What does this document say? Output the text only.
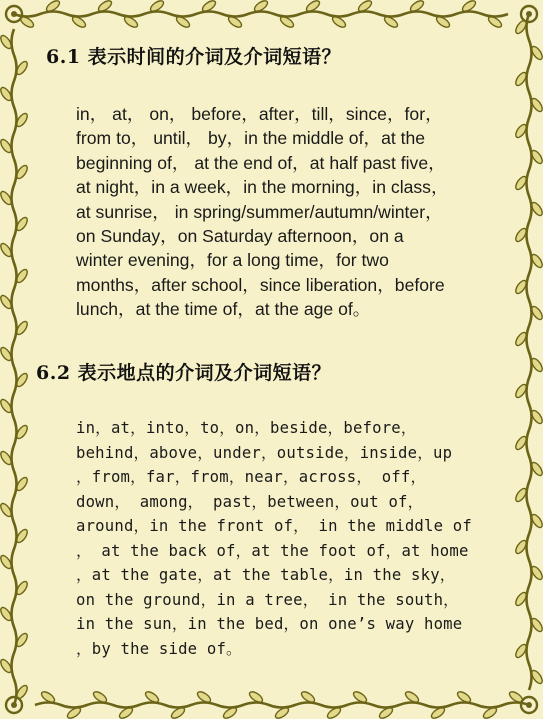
6.1 表示时间的介词及介词短语？

in， at， on， before，after，till，since，for，
from to， until， by，in the middle of，at the
beginning of， at the end of，at half past five，
at night，in a week，in the morning，in class，
at sunrise， in spring/summer/autumn/winter，
on Sunday，on Saturday afternoon，on a
winter evening，for a long time，for two
months，after school，since liberation，before
lunch，at the time of，at the age of。

6.2 表示地点的介词及介词短语？

in，at，into，to，on，beside，before，
behind，above，under，outside，inside，up
，from，far，from，near，across， off，
down， among， past，between，out of，
around，in the front of， in the middle of
， at the back of，at the foot of，at home
，at the gate，at the table，in the sky，
on the ground，in a tree， in the south，
in the sun，in the bed，on one’s way home
，by the side of。
